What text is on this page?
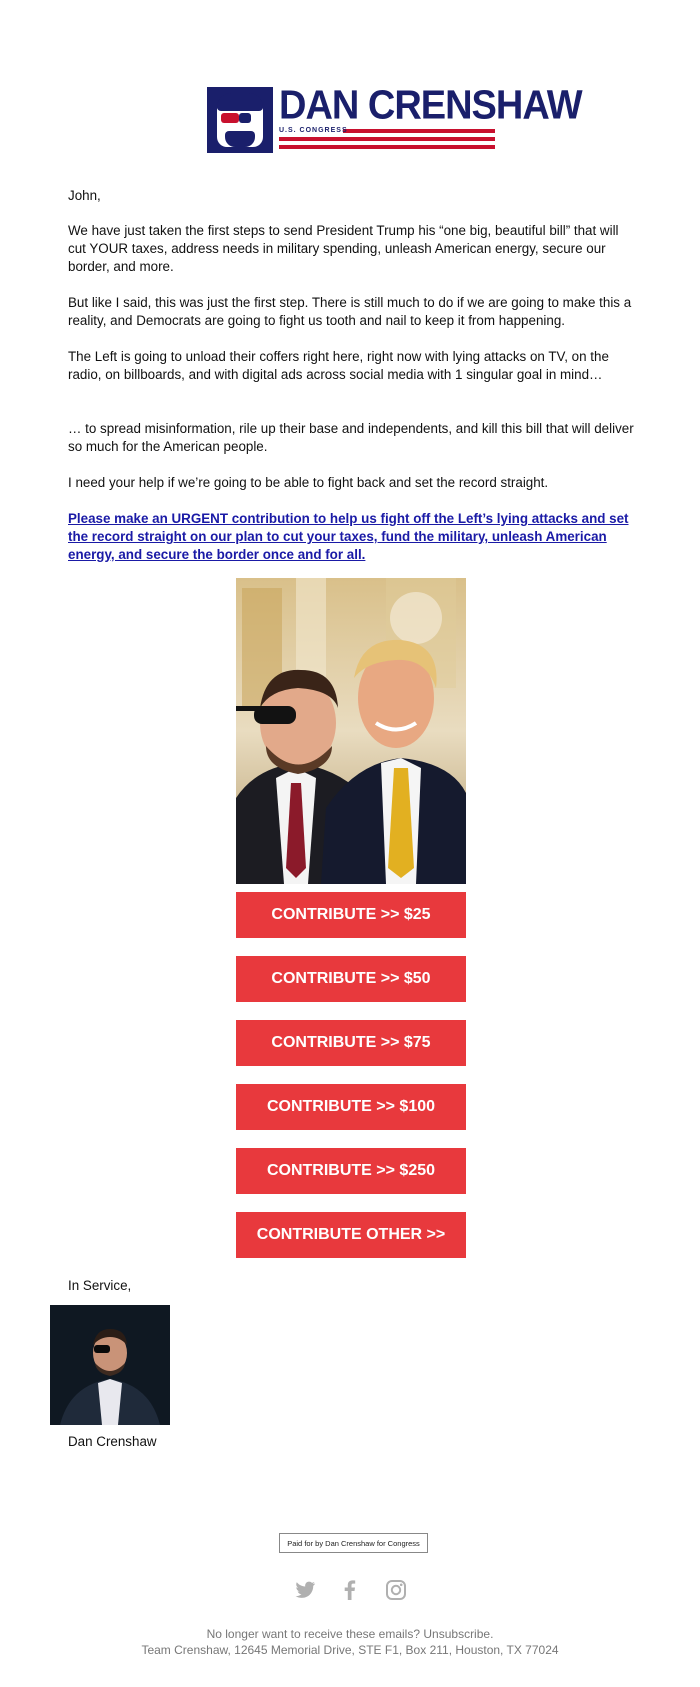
DAN CRENSHAW
U.S. CONGRESS

John,

We have just taken the first steps to send President Trump his “one big, beautiful bill” that will cut YOUR taxes, address needs in military spending, unleash American energy, secure our border, and more.

But like I said, this was just the first step. There is still much to do if we are going to make this a reality, and Democrats are going to fight us tooth and nail to keep it from happening.

The Left is going to unload their coffers right here, right now with lying attacks on TV, on the radio, on billboards, and with digital ads across social media with 1 singular goal in mind…

… to spread misinformation, rile up their base and independents, and kill this bill that will deliver so much for the American people.

I need your help if we’re going to be able to fight back and set the record straight.

Please make an URGENT contribution to help us fight off the Left’s lying attacks and set the record straight on our plan to cut your taxes, fund the military, unleash American energy, and secure the border once and for all.

CONTRIBUTE >> $25
CONTRIBUTE >> $50
CONTRIBUTE >> $75
CONTRIBUTE >> $100
CONTRIBUTE >> $250
CONTRIBUTE OTHER >>

In Service,

Dan Crenshaw

Paid for by Dan Crenshaw for Congress
No longer want to receive these emails? Unsubscribe.
Team Crenshaw, 12645 Memorial Drive, STE F1, Box 211, Houston, TX 77024
